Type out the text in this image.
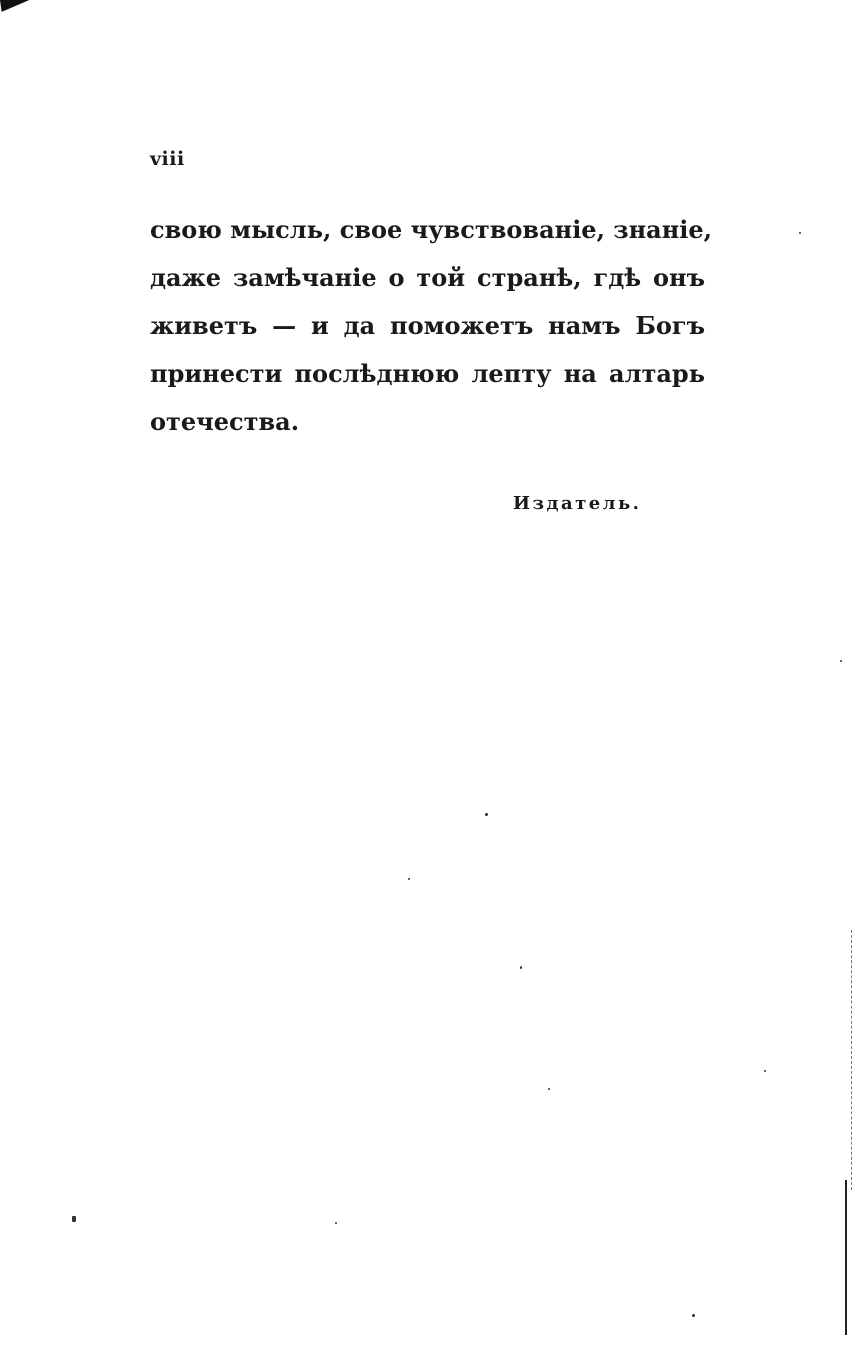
viii

свою мысль, свое чувствованіе, знаніе,
даже замѣчаніе о той странѣ, гдѣ онъ
живетъ — и да поможетъ намъ Богъ
принести послѣднюю лепту на алтарь
отечества.

Издатель.
